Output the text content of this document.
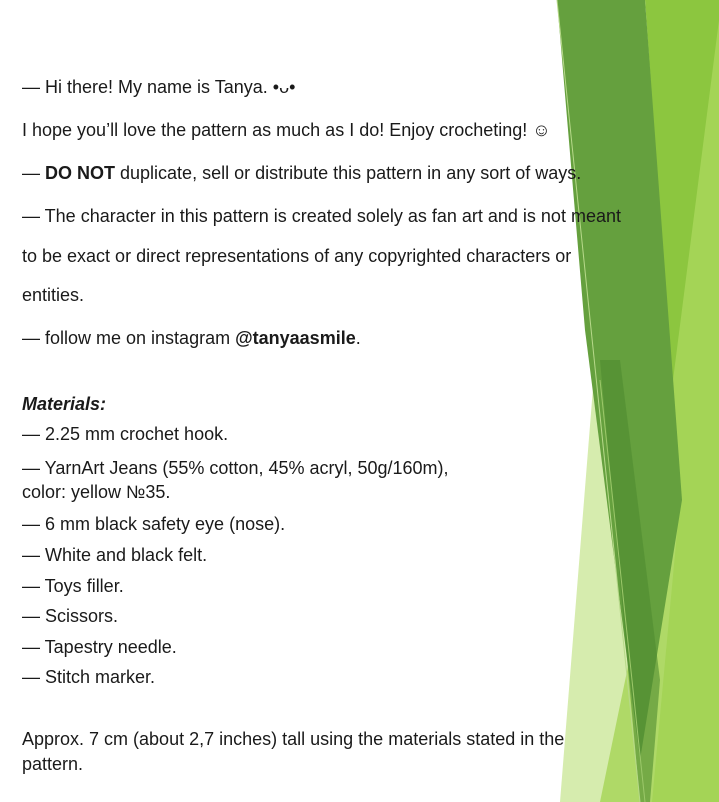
— Hi there! My name is Tanya. •ᴗ•
I hope you’ll love the pattern as much as I do! Enjoy crocheting! ☺
— DO NOT duplicate, sell or distribute this pattern in any sort of ways.
— The character in this pattern is created solely as fan art and is not meant
to be exact or direct representations of any copyrighted characters or
entities.
— follow me on instagram @tanyaasmile.
Materials:
— 2.25 mm crochet hook.
— YarnArt Jeans (55% cotton, 45% acryl, 50g/160m),
color: yellow №35.
— 6 mm black safety eye (nose).
— White and black felt.
— Toys filler.
— Scissors.
— Tapestry needle.
— Stitch marker.
Approx. 7 cm (about 2,7 inches) tall using the materials stated in the
pattern.
